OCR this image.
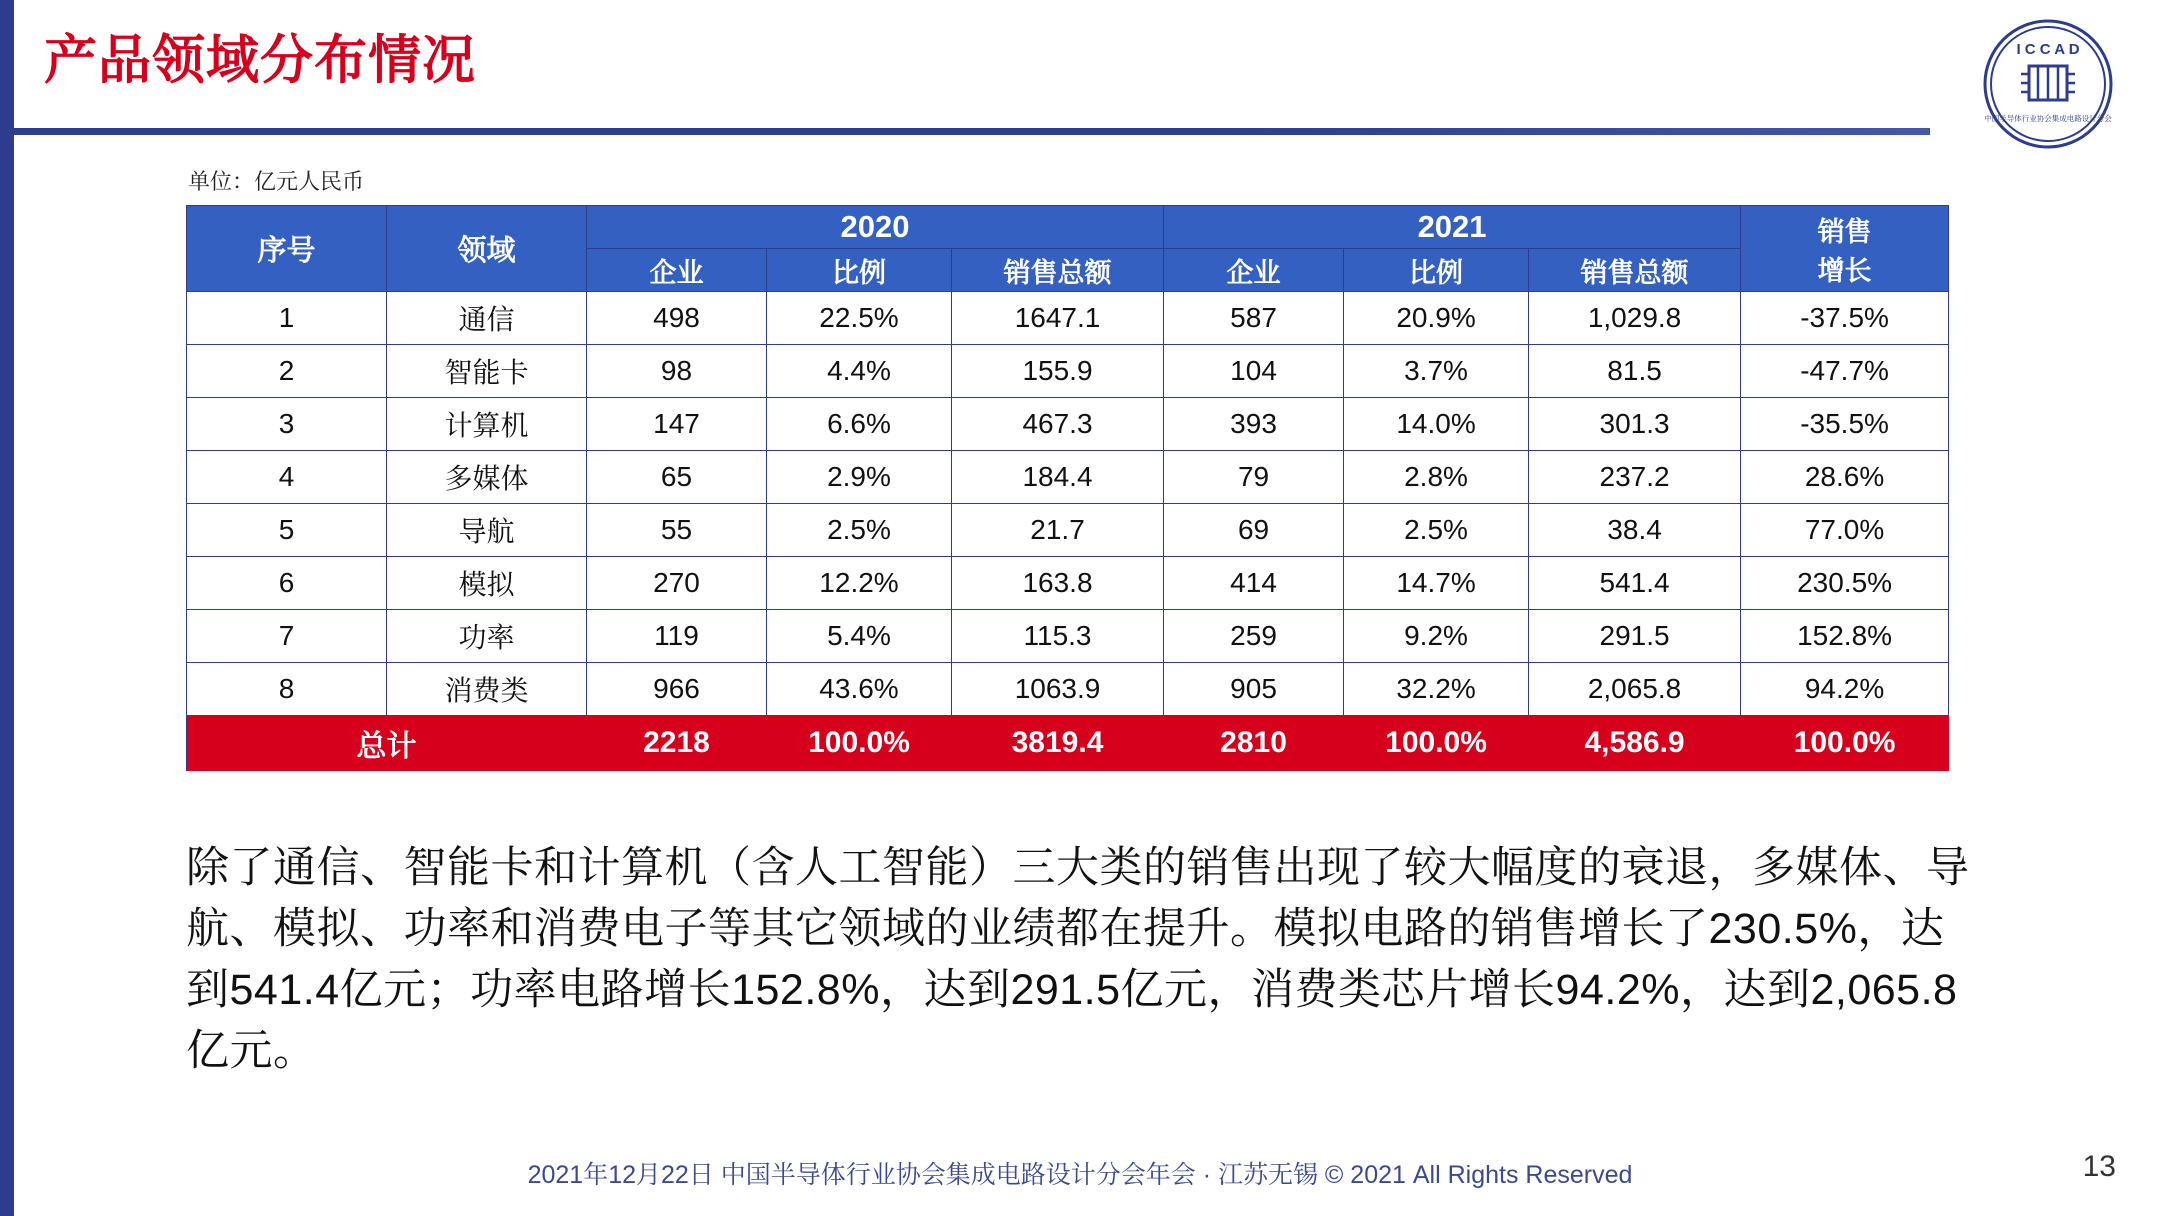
产品领域分布情况	I C C A D
中国半导体行业协会集成电路设计分会
单位：亿元人民币
序号	领域	2020			2021			销售
增长

		企业	比例	销售总额	企业	比例	销售总额	
1	通信	498	22.5%	1647.1	587	20.9%	1,029.8	-37.5%
2	智能卡	98	4.4%	155.9	104	3.7%	81.5	-47.7%
3	计算机	147	6.6%	467.3	393	14.0%	301.3	-35.5%
4	多媒体	65	2.9%	184.4	79	2.8%	237.2	28.6%
5	导航	55	2.5%	21.7	69	2.5%	38.4	77.0%
6	模拟	270	12.2%	163.8	414	14.7%	541.4	230.5%
7	功率	119	5.4%	115.3	259	9.2%	291.5	152.8%
8	消费类	966	43.6%	1063.9	905	32.2%	2,065.8	94.2%
总计		2218	100.0%	3819.4	2810	100.0%	4,586.9	100.0%
除了通信、智能卡和计算机（含人工智能）三大类的销售出现了较大幅度的衰退，多媒体、导航、模拟、功率和消费电子等其它领域的业绩都在提升。模拟电路的销售增长了230.5%，达到541.4亿元；功率电路增长152.8%，达到291.5亿元，消费类芯片增长94.2%，达到2,065.8亿元。
2021年12月22日 中国半导体行业协会集成电路设计分会年会 · 江苏无锡 © 2021 All Rights Reserved	13
